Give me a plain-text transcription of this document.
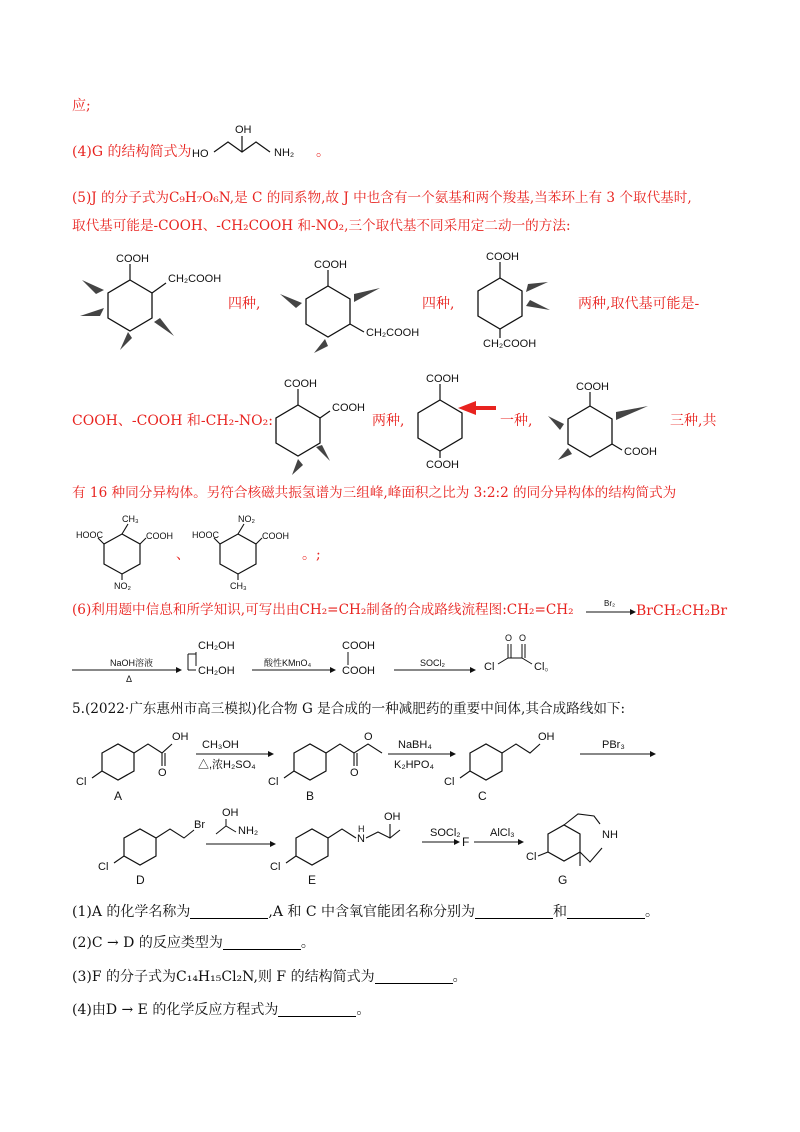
应;
(4)G 的结构简式为 HO
OH
NH₂ 。
(5)J 的分子式为C₉H₇O₆N,是 C 的同系物,故 J 中也含有一个氨基和两个羧基,当苯环上有 3 个取代基时,
取代基可能是-COOH、-CH₂COOH 和-NO₂,三个取代基不同采用定二动一的方法:
COOH
CH₂COOH
四种,
COOH
CH₂COOH
四种,
COOH
CH₂COOH
两种,取代基可能是-
COOH、-COOH 和-CH₂-NO₂:
COOH
COOH
两种,
COOH
COOH
一种,
COOH
COOH
三种,共
有 16 种同分异构体。另符合核磁共振氢谱为三组峰,峰面积之比为 3:2:2 的同分异构体的结构简式为
CH₃
HOOC	COOH
NO₂
、
NO₂
HOOC	COOH
CH₃
。;
(6)利用题中信息和所学知识,可写出由CH₂=CH₂制备的合成路线流程图:CH₂=CH₂	Br₂ BrCH₂CH₂Br
NaOH溶液
Δ
CH₂OH
CH₂OH
酸性KMnO₄
COOH
COOH
SOCl₂	Cl
O O
Cl。
5.(2022·广东惠州市高三模拟)化合物 G 是合成的一种减肥药的重要中间体,其合成路线如下:
Cl
O
OH
A
CH₃OH
△,浓H₂SO₄
Cl
O
O
B
NaBH₄
K₂HPO₄
Cl
OH
C
PBr₃
Cl
Br
D
OH
NH₂
Cl
H
N
OH
E
SOCl₂
F
AlCl₃
Cl
NH
G
(1)A 的化学名称为	,A 和 C 中含氧官能团名称分别为	和	。
(2)C → D 的反应类型为	。
(3)F 的分子式为C₁₄H₁₅Cl₂N,则 F 的结构简式为	。
(4)由D → E 的化学反应方程式为	。
